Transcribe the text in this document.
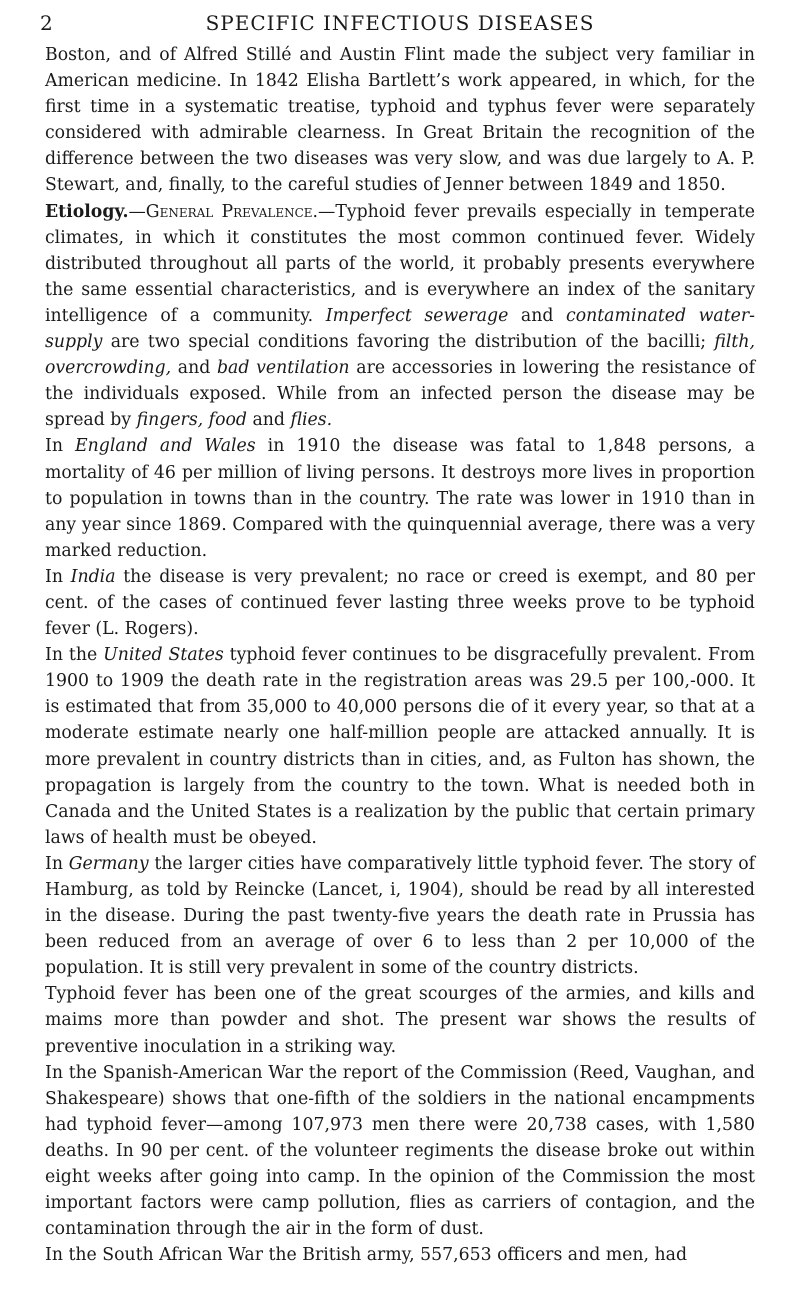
2	SPECIFIC INFECTIOUS DISEASES

Boston, and of Alfred Stillé and Austin Flint made the subject very familiar in American medicine. In 1842 Elisha Bartlett’s work appeared, in which, for the first time in a systematic treatise, typhoid and typhus fever were separately considered with admirable clearness. In Great Britain the recognition of the difference between the two diseases was very slow, and was due largely to A. P. Stewart, and, finally, to the careful studies of Jenner between 1849 and 1850.

Etiology.—General Prevalence.—Typhoid fever prevails especially in temperate climates, in which it constitutes the most common continued fever. Widely distributed throughout all parts of the world, it probably presents everywhere the same essential characteristics, and is everywhere an index of the sanitary intelligence of a community. Imperfect sewerage and contaminated water-supply are two special conditions favoring the distribution of the bacilli; filth, overcrowding, and bad ventilation are accessories in lowering the resistance of the individuals exposed. While from an infected person the disease may be spread by fingers, food and flies.

In England and Wales in 1910 the disease was fatal to 1,848 persons, a mortality of 46 per million of living persons. It destroys more lives in proportion to population in towns than in the country. The rate was lower in 1910 than in any year since 1869. Compared with the quinquennial average, there was a very marked reduction.

In India the disease is very prevalent; no race or creed is exempt, and 80 per cent. of the cases of continued fever lasting three weeks prove to be typhoid fever (L. Rogers).

In the United States typhoid fever continues to be disgracefully prevalent. From 1900 to 1909 the death rate in the registration areas was 29.5 per 100,-000. It is estimated that from 35,000 to 40,000 persons die of it every year, so that at a moderate estimate nearly one half-million people are attacked annually. It is more prevalent in country districts than in cities, and, as Fulton has shown, the propagation is largely from the country to the town. What is needed both in Canada and the United States is a realization by the public that certain primary laws of health must be obeyed.

In Germany the larger cities have comparatively little typhoid fever. The story of Hamburg, as told by Reincke (Lancet, i, 1904), should be read by all interested in the disease. During the past twenty-five years the death rate in Prussia has been reduced from an average of over 6 to less than 2 per 10,000 of the population. It is still very prevalent in some of the country districts.

Typhoid fever has been one of the great scourges of the armies, and kills and maims more than powder and shot. The present war shows the results of preventive inoculation in a striking way.

In the Spanish-American War the report of the Commission (Reed, Vaughan, and Shakespeare) shows that one-fifth of the soldiers in the national encampments had typhoid fever—among 107,973 men there were 20,738 cases, with 1,580 deaths. In 90 per cent. of the volunteer regiments the disease broke out within eight weeks after going into camp. In the opinion of the Commission the most important factors were camp pollution, flies as carriers of contagion, and the contamination through the air in the form of dust.

In the South African War the British army, 557,653 officers and men, had
